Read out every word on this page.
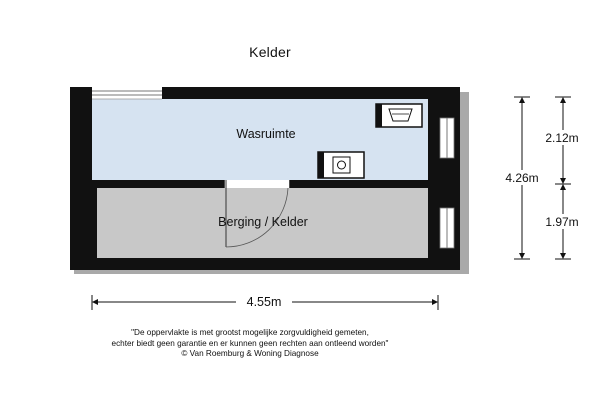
Kelder
Wasruimte
Berging / Kelder
4.26m
2.12m
1.97m
4.55m
"De oppervlakte is met grootst mogelijke zorgvuldigheid gemeten,
echter biedt geen garantie en er kunnen geen rechten aan ontleend worden"
© Van Roemburg & Woning Diagnose
